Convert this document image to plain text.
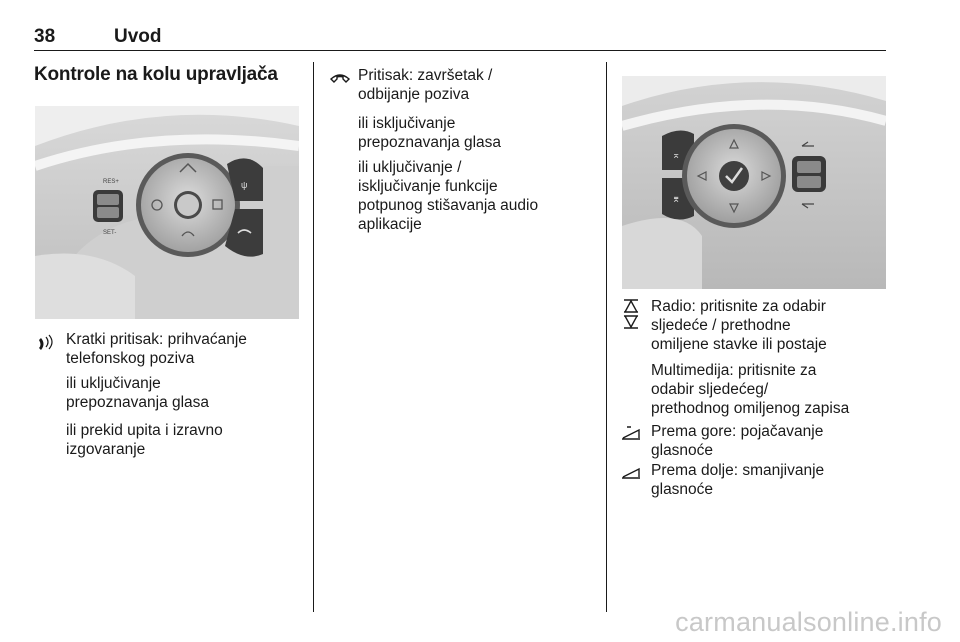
38	Uvod
Kontrole na kolu upravljača
RES+
SET-
ψ
⌅
⌆
Kratki pritisak: prihvaćanje
telefonskog poziva
ili uključivanje
prepoznavanja glasa
ili prekid upita i izravno
izgovaranje
Pritisak: završetak /
odbijanje poziva
ili isključivanje
prepoznavanja glasa
ili uključivanje /
isključivanje funkcije
potpunog stišavanja audio
aplikacije
Radio: pritisnite za odabir
sljedeće / prethodne
omiljene stavke ili postaje
Multimedija: pritisnite za
odabir sljedećeg/
prethodnog omiljenog zapisa
Prema gore: pojačavanje
glasnoće
Prema dolje: smanjivanje
glasnoće
carmanualsonline.info
